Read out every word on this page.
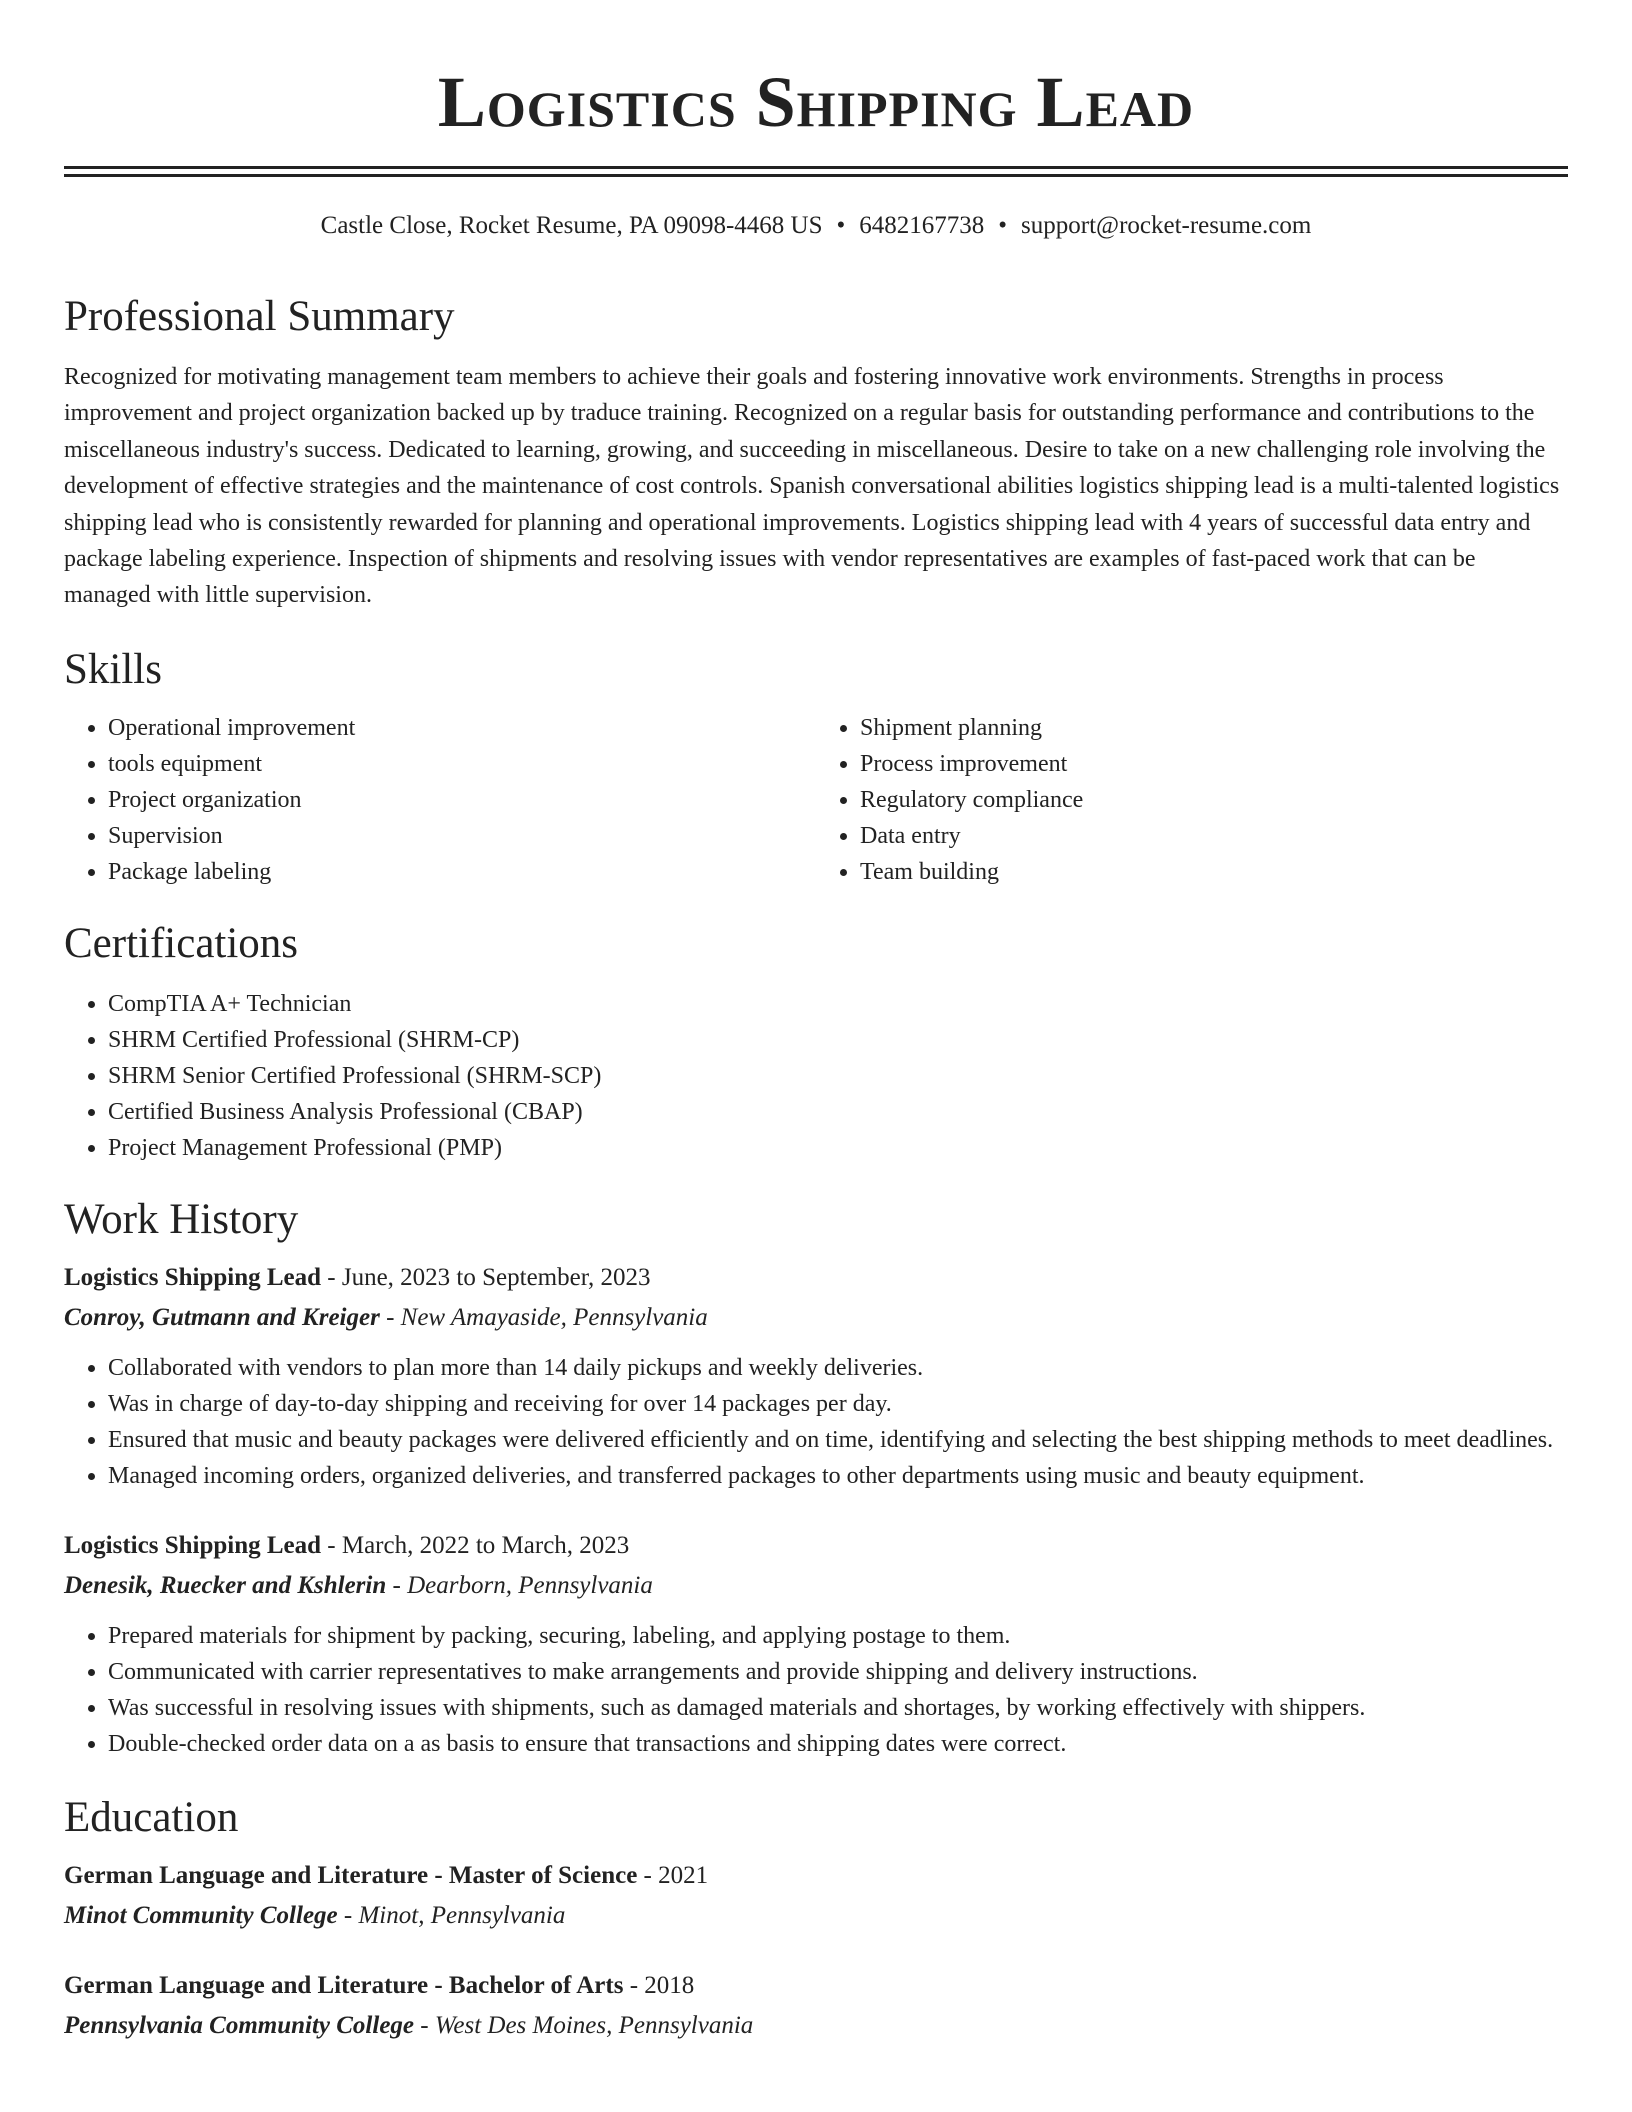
Logistics Shipping Lead
Castle Close, Rocket Resume, PA 09098-4468 US • 6482167738 • support@rocket-resume.com
Professional Summary

Recognized for motivating management team members to achieve their goals and fostering innovative work environments. Strengths in process improvement and project organization backed up by traduce training. Recognized on a regular basis for outstanding performance and contributions to the miscellaneous industry's success. Dedicated to learning, growing, and succeeding in miscellaneous. Desire to take on a new challenging role involving the development of effective strategies and the maintenance of cost controls. Spanish conversational abilities logistics shipping lead is a multi-talented logistics shipping lead who is consistently rewarded for planning and operational improvements. Logistics shipping lead with 4 years of successful data entry and package labeling experience. Inspection of shipments and resolving issues with vendor representatives are examples of fast-paced work that can be managed with little supervision.

Skills
• Operational improvement
• tools equipment
• Project organization
• Supervision
• Package labeling
• Shipment planning
• Process improvement
• Regulatory compliance
• Data entry
• Team building
Certifications
• CompTIA A+ Technician
• SHRM Certified Professional (SHRM-CP)
• SHRM Senior Certified Professional (SHRM-SCP)
• Certified Business Analysis Professional (CBAP)
• Project Management Professional (PMP)
Work History
Logistics Shipping Lead - June, 2023 to September, 2023
Conroy, Gutmann and Kreiger - New Amayaside, Pennsylvania
• Collaborated with vendors to plan more than 14 daily pickups and weekly deliveries.
• Was in charge of day-to-day shipping and receiving for over 14 packages per day.
• Ensured that music and beauty packages were delivered efficiently and on time, identifying and selecting the best shipping methods to meet deadlines.
• Managed incoming orders, organized deliveries, and transferred packages to other departments using music and beauty equipment.
Logistics Shipping Lead - March, 2022 to March, 2023
Denesik, Ruecker and Kshlerin - Dearborn, Pennsylvania
• Prepared materials for shipment by packing, securing, labeling, and applying postage to them.
• Communicated with carrier representatives to make arrangements and provide shipping and delivery instructions.
• Was successful in resolving issues with shipments, such as damaged materials and shortages, by working effectively with shippers.
• Double-checked order data on a as basis to ensure that transactions and shipping dates were correct.
Education
German Language and Literature - Master of Science - 2021
Minot Community College - Minot, Pennsylvania
German Language and Literature - Bachelor of Arts - 2018
Pennsylvania Community College - West Des Moines, Pennsylvania
